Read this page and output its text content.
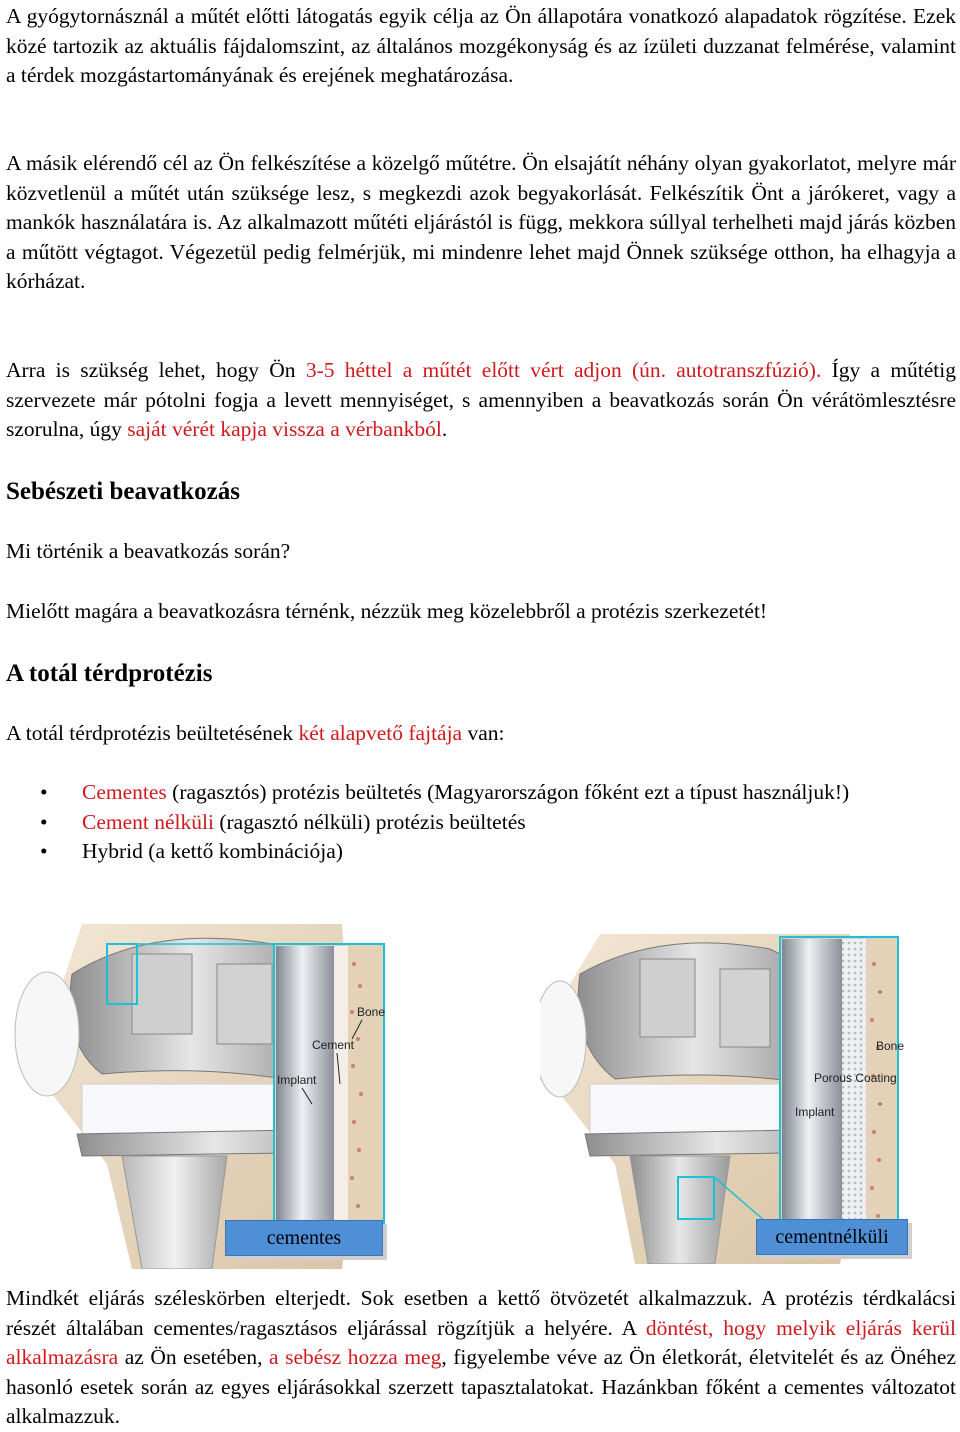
A gyógytornásznál a műtét előtti látogatás egyik célja az Ön állapotára vonatkozó alapadatok rögzítése. Ezek közé tartozik az aktuális fájdalomszint, az általános mozgékonyság és az ízületi duzzanat felmérése, valamint a térdek mozgástartományának és erejének meghatározása.

A másik elérendő cél az Ön felkészítése a közelgő műtétre. Ön elsajátít néhány olyan gyakorlatot, melyre már közvetlenül a műtét után szüksége lesz, s megkezdi azok begyakorlását. Felkészítik Önt a járókeret, vagy a mankók használatára is. Az alkalmazott műtéti eljárástól is függ, mekkora súllyal terhelheti majd járás közben a műtött végtagot. Végezetül pedig felmérjük, mi mindenre lehet majd Önnek szüksége otthon, ha elhagyja a kórházat.

Arra is szükség lehet, hogy Ön 3-5 héttel a műtét előtt vért adjon (ún. autotranszfúzió). Így a műtétig szervezete már pótolni fogja a levett mennyiséget, s amennyiben a beavatkozás során Ön vérátömlesztésre szorulna, úgy saját vérét kapja vissza a vérbankból.

Sebészeti beavatkozás

Mi történik a beavatkozás során?

Mielőtt magára a beavatkozásra térnénk, nézzük meg közelebbről a protézis szerkezetét!

A totál térdprotézis

A totál térdprotézis beültetésének két alapvető fajtája van:

• Cementes (ragasztós) protézis beültetés (Magyarországon főként ezt a típust használjuk!)
• Cement nélküli (ragasztó nélküli) protézis beültetés
• Hybrid (a kettő kombinációja)
Bone
Cement
Implant
cementes
Bone
Porous Coating
Implant
cementnélküli

Mindkét eljárás széleskörben elterjedt. Sok esetben a kettő ötvözetét alkalmazzuk. A protézis térdkalácsi részét általában cementes/ragasztásos eljárással rögzítjük a helyére. A döntést, hogy melyik eljárás kerül alkalmazásra az Ön esetében, a sebész hozza meg, figyelembe véve az Ön életkorát, életvitelét és az Önéhez hasonló esetek során az egyes eljárásokkal szerzett tapasztalatokat. Hazánkban főként a cementes változatot alkalmazzuk.
